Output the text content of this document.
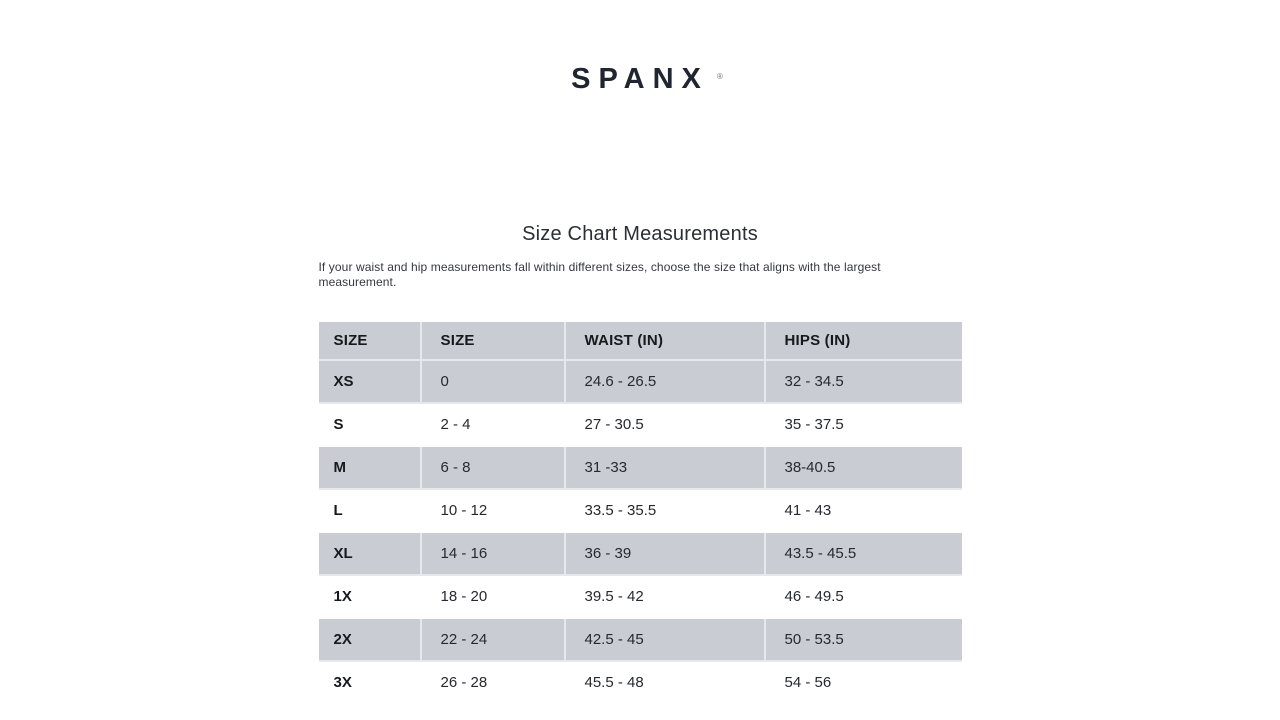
SPANX ®
Size Chart Measurements

If your waist and hip measurements fall within different sizes, choose the size that aligns with the largest measurement.

SIZE	SIZE	WAIST (IN)	HIPS (IN)
XS	0	24.6 - 26.5	32 - 34.5
S	2 - 4	27 - 30.5	35 - 37.5
M	6 - 8	31 -33	38-40.5
L	10 - 12	33.5 - 35.5	41 - 43
XL	14 - 16	36 - 39	43.5 - 45.5
1X	18 - 20	39.5 - 42	46 - 49.5
2X	22 - 24	42.5 - 45	50 - 53.5
3X	26 - 28	45.5 - 48	54 - 56
